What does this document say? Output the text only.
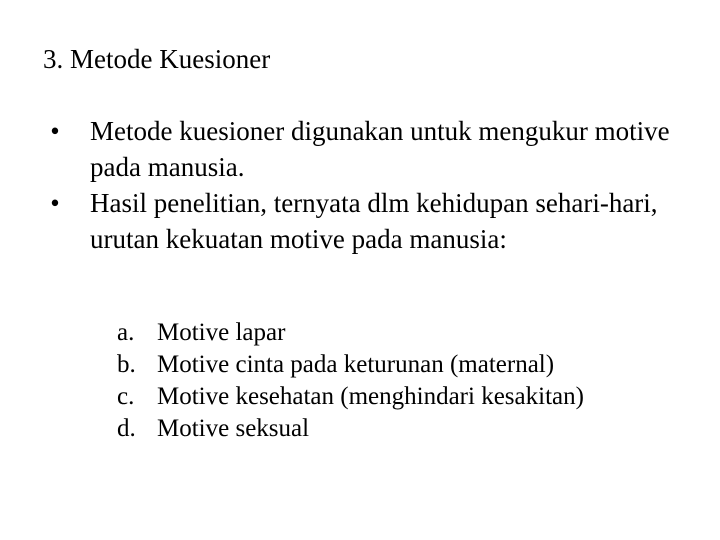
3. Metode Kuesioner
•	Metode kuesioner digunakan untuk mengukur motive pada manusia.
•	Hasil penelitian, ternyata dlm kehidupan sehari-hari, urutan kekuatan motive pada manusia:
a. Motive lapar
b. Motive cinta pada keturunan (maternal)
c. Motive kesehatan (menghindari kesakitan)
d. Motive seksual
